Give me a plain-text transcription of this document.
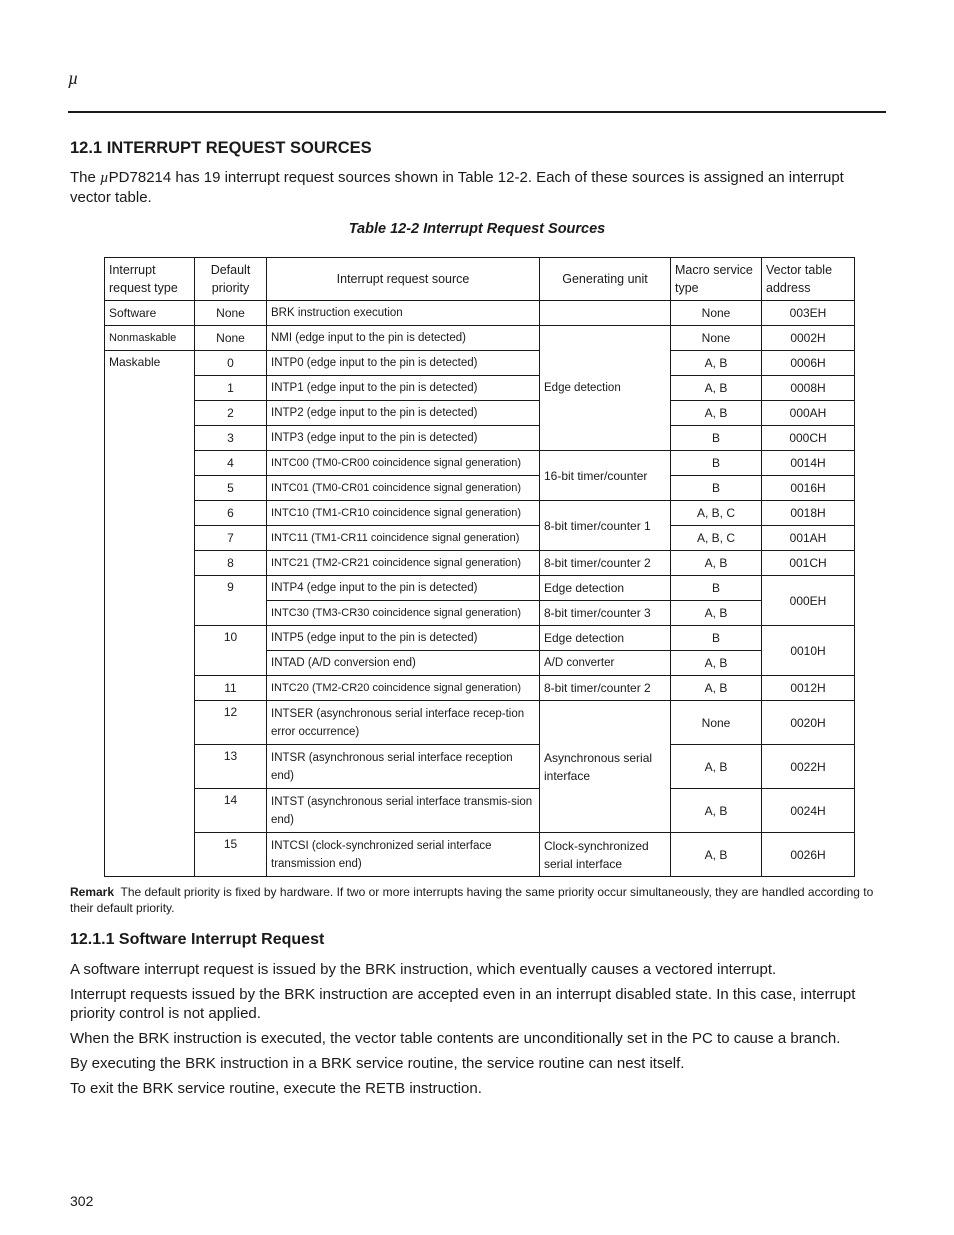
µ
12.1 INTERRUPT REQUEST SOURCES
The µPD78214 has 19 interrupt request sources shown in Table 12-2. Each of these sources is assigned an interrupt vector table.
Table 12-2 Interrupt Request Sources
Interrupt request type	Default priority	Interrupt request source	Generating unit	Macro service type	Vector table address
Software	None	BRK instruction execution		None	003EH
Nonmaskable	None	NMI (edge input to the pin is detected)	Edge detection	None	0002H
Maskable	0	INTP0 (edge input to the pin is detected)		A, B	0006H
	1	INTP1 (edge input to the pin is detected)		A, B	0008H
	2	INTP2 (edge input to the pin is detected)		A, B	000AH
	3	INTP3 (edge input to the pin is detected)		B	000CH
	4	INTC00 (TM0-CR00 coincidence signal generation)	16-bit timer/counter	B	0014H
	5	INTC01 (TM0-CR01 coincidence signal generation)		B	0016H
	6	INTC10 (TM1-CR10 coincidence signal generation)	8-bit timer/counter 1	A, B, C	0018H
	7	INTC11 (TM1-CR11 coincidence signal generation)		A, B, C	001AH
	8	INTC21 (TM2-CR21 coincidence signal generation)	8-bit timer/counter 2	A, B	001CH
	9	INTP4 (edge input to the pin is detected)	Edge detection	B	000EH
		INTC30 (TM3-CR30 coincidence signal generation)	8-bit timer/counter 3	A, B	
	10	INTP5 (edge input to the pin is detected)	Edge detection	B	0010H
		INTAD (A/D conversion end)	A/D converter	A, B	
	11	INTC20 (TM2-CR20 coincidence signal generation)	8-bit timer/counter 2	A, B	0012H
	12	INTSER (asynchronous serial interface recep-tion error occurrence)	Asynchronous serial interface	None	0020H
	13	INTSR (asynchronous serial interface reception end)		A, B	0022H
	14	INTST (asynchronous serial interface transmis-sion end)		A, B	0024H
	15	INTCSI (clock-synchronized serial interface transmission end)	Clock-synchronized serial interface	A, B	0026H
Remark The default priority is fixed by hardware. If two or more interrupts having the same priority occur simultaneously, they are handled according to their default priority.
12.1.1 Software Interrupt Request
A software interrupt request is issued by the BRK instruction, which eventually causes a vectored interrupt.
Interrupt requests issued by the BRK instruction are accepted even in an interrupt disabled state. In this case, interrupt priority control is not applied.
When the BRK instruction is executed, the vector table contents are unconditionally set in the PC to cause a branch.
By executing the BRK instruction in a BRK service routine, the service routine can nest itself.
To exit the BRK service routine, execute the RETB instruction.
302
